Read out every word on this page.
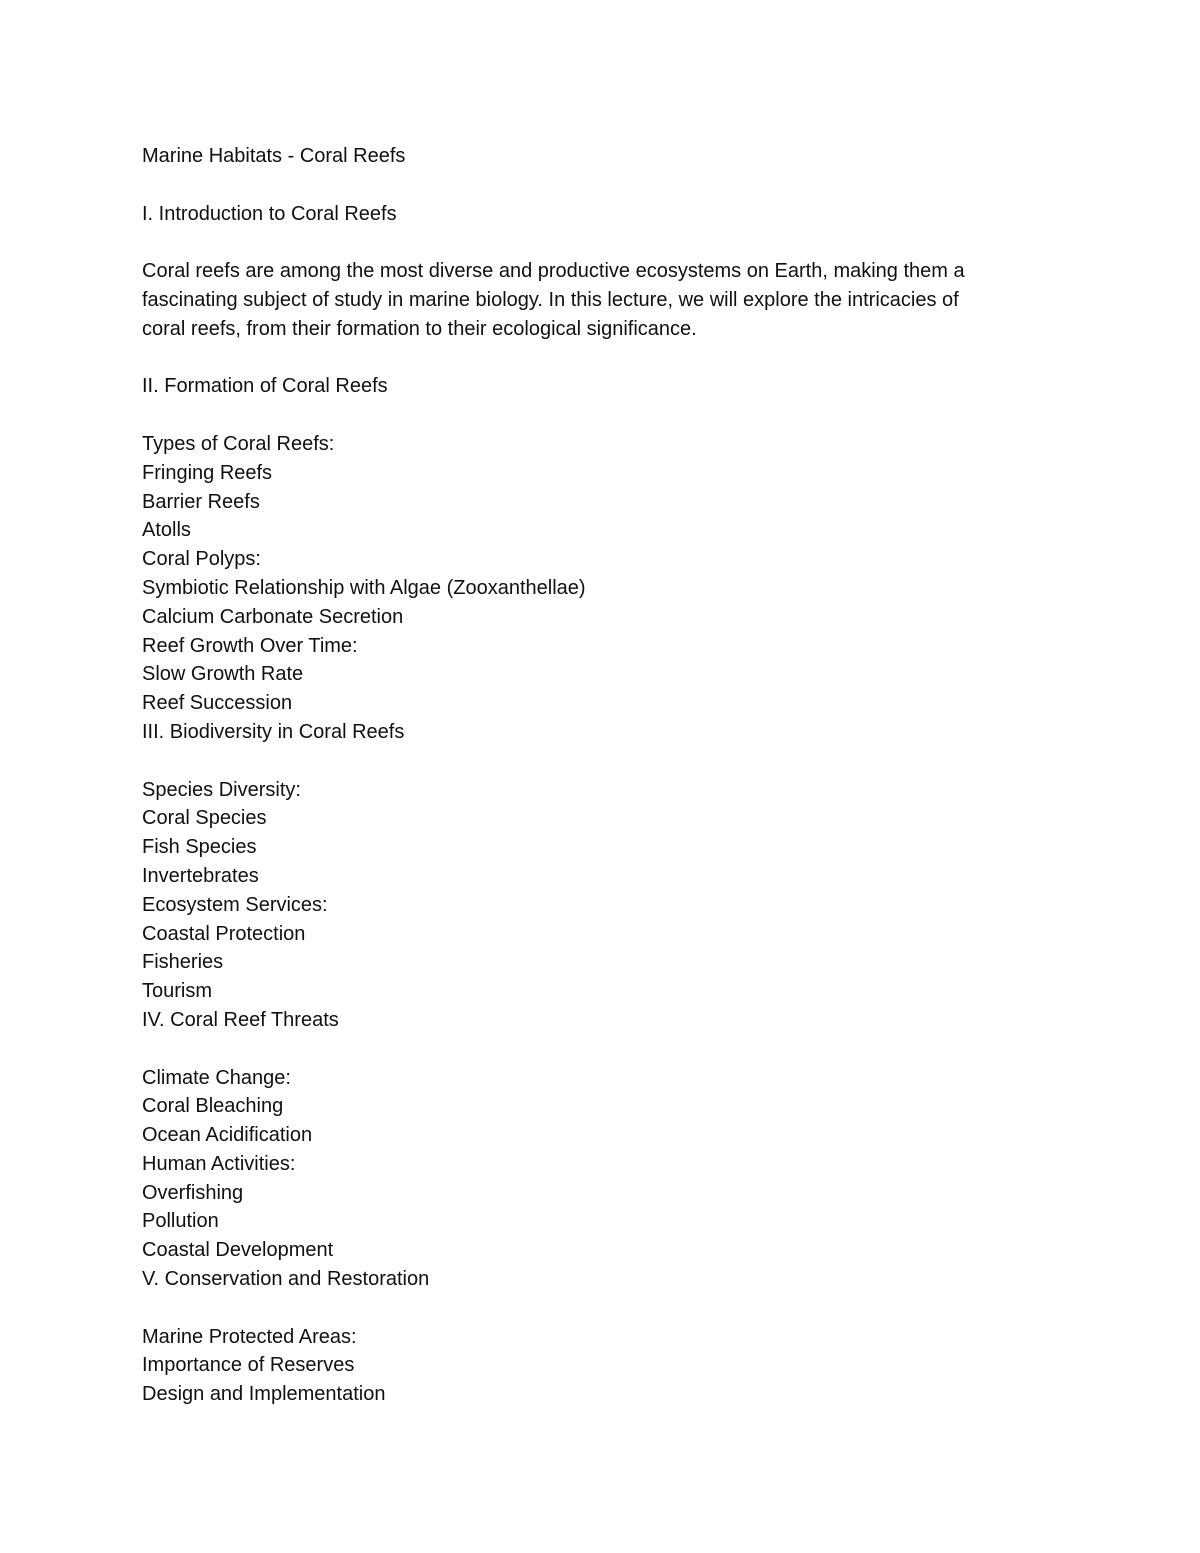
Marine Habitats - Coral Reefs

I. Introduction to Coral Reefs

Coral reefs are among the most diverse and productive ecosystems on Earth, making them a

fascinating subject of study in marine biology. In this lecture, we will explore the intricacies of

coral reefs, from their formation to their ecological significance.

II. Formation of Coral Reefs

Types of Coral Reefs:

Fringing Reefs

Barrier Reefs

Atolls

Coral Polyps:

Symbiotic Relationship with Algae (Zooxanthellae)

Calcium Carbonate Secretion

Reef Growth Over Time:

Slow Growth Rate

Reef Succession

III. Biodiversity in Coral Reefs

Species Diversity:

Coral Species

Fish Species

Invertebrates

Ecosystem Services:

Coastal Protection

Fisheries

Tourism

IV. Coral Reef Threats

Climate Change:

Coral Bleaching

Ocean Acidification

Human Activities:

Overfishing

Pollution

Coastal Development

V. Conservation and Restoration

Marine Protected Areas:

Importance of Reserves

Design and Implementation
